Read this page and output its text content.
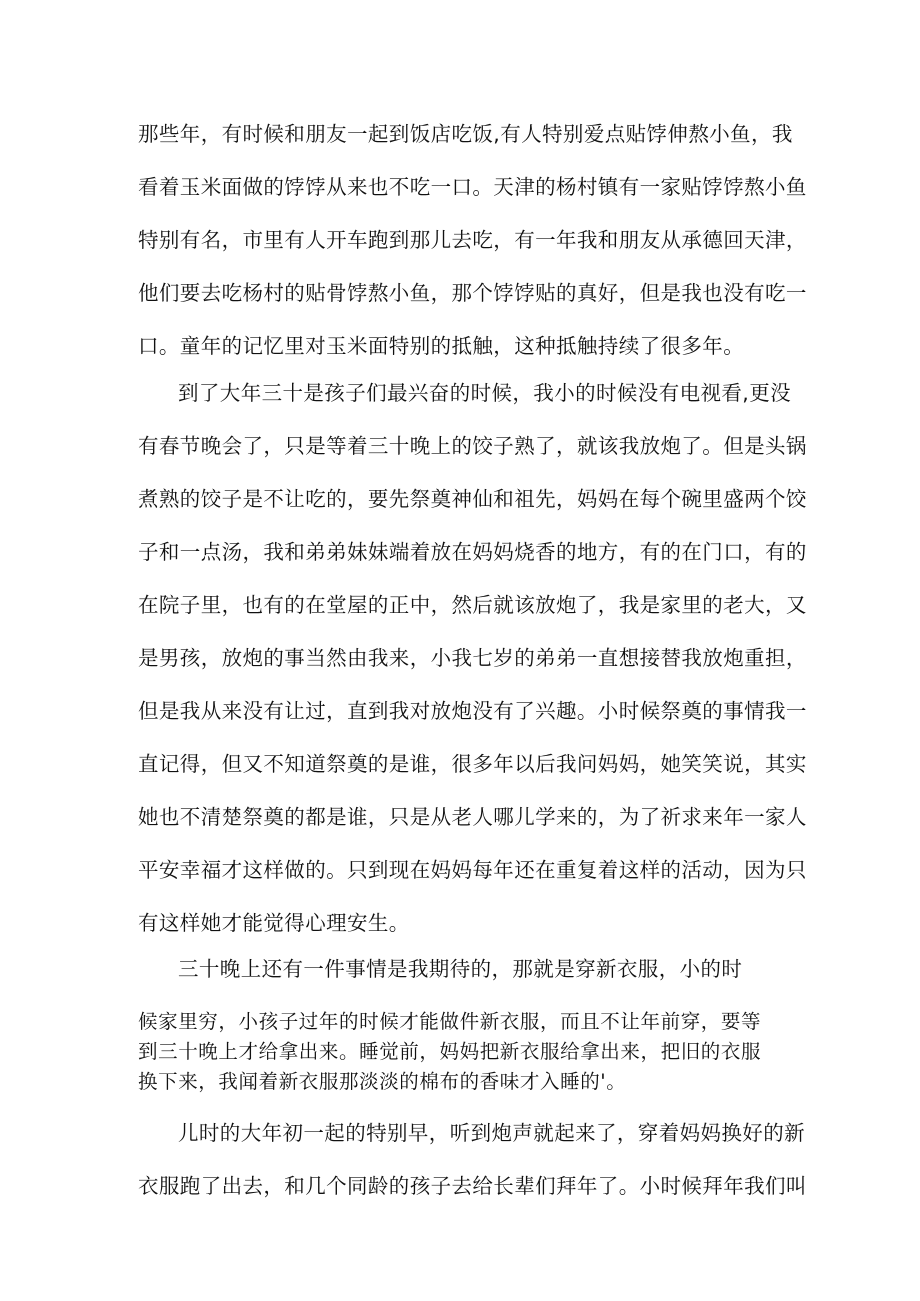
那些年，有时候和朋友一起到饭店吃饭,有人特别爱点贴饽伸熬小鱼，我
看着玉米面做的饽饽从来也不吃一口。天津的杨村镇有一家贴饽饽熬小鱼
特别有名，市里有人开车跑到那儿去吃，有一年我和朋友从承德回天津，
他们要去吃杨村的贴骨饽熬小鱼，那个饽饽贴的真好，但是我也没有吃一
口。童年的记忆里对玉米面特别的抵触，这种抵触持续了很多年。
到了大年三十是孩子们最兴奋的时候，我小的时候没有电视看,更没
有春节晚会了，只是等着三十晚上的饺子熟了，就该我放炮了。但是头锅
煮熟的饺子是不让吃的，要先祭奠神仙和祖先，妈妈在每个碗里盛两个饺
子和一点汤，我和弟弟妹妹端着放在妈妈烧香的地方，有的在门口，有的
在院子里，也有的在堂屋的正中，然后就该放炮了，我是家里的老大，又
是男孩，放炮的事当然由我来，小我七岁的弟弟一直想接替我放炮重担，
但是我从来没有让过，直到我对放炮没有了兴趣。小时候祭奠的事情我一
直记得，但又不知道祭奠的是谁，很多年以后我问妈妈，她笑笑说，其实
她也不清楚祭奠的都是谁，只是从老人哪儿学来的，为了祈求来年一家人
平安幸福才这样做的。只到现在妈妈每年还在重复着这样的活动，因为只
有这样她才能觉得心理安生。
三十晚上还有一件事情是我期待的，那就是穿新衣服，小的时
候家里穷，小孩子过年的时候才能做件新衣服，而且不让年前穿，要等
到三十晚上才给拿出来。睡觉前，妈妈把新衣服给拿出来，把旧的衣服
换下来，我闻着新衣服那淡淡的棉布的香味才入睡的'。
儿时的大年初一起的特别早，听到炮声就起来了，穿着妈妈换好的新
衣服跑了出去，和几个同龄的孩子去给长辈们拜年了。小时候拜年我们叫
